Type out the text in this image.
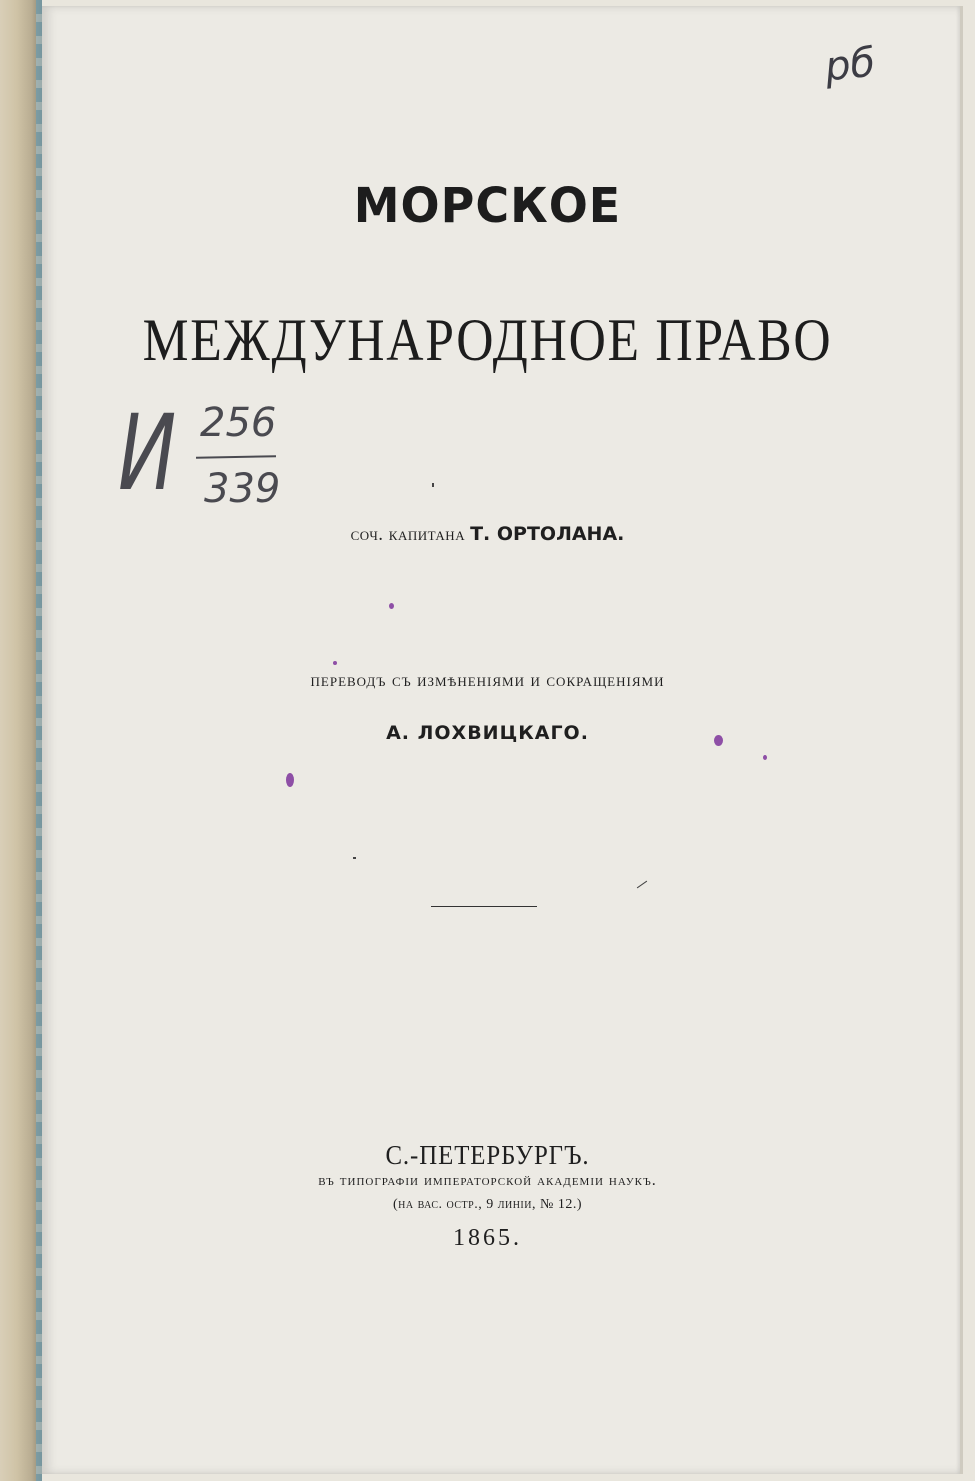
рб
И 256
339
МОРСКОЕ
МЕЖДУНАРОДНОЕ ПРАВО
соч. капитана Т. ОРТОЛАНА.
переводъ съ измѣненіями и сокращеніями
А. ЛОХВИЦКАГО.
С.-ПЕТЕРБУРГЪ.
въ типографіи императорской академіи наукъ.
(на вас. остр., 9 линіи, № 12.)
1865.
